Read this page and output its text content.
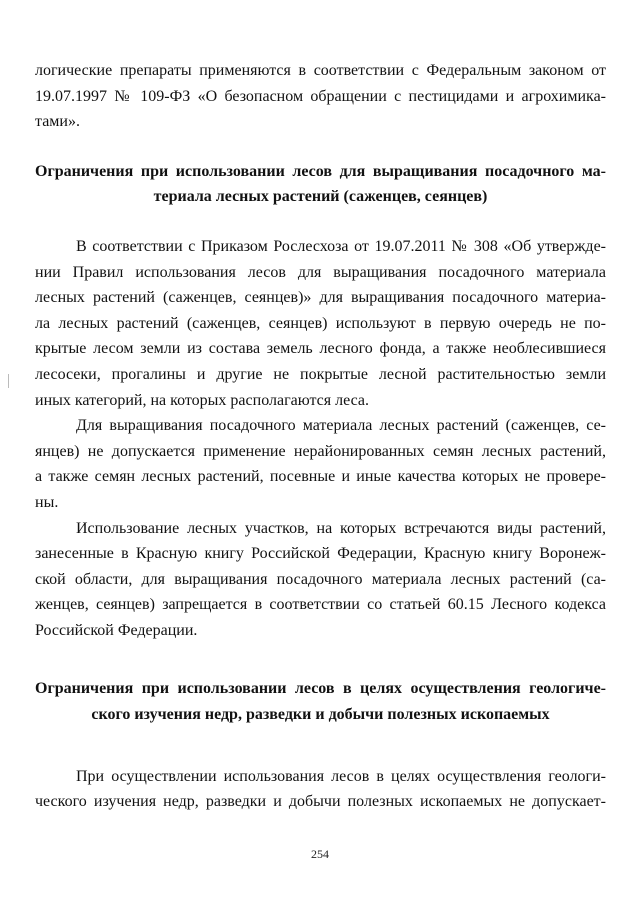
логические препараты применяются в соответствии с Федеральным законом от
19.07.1997 № 109-ФЗ «О безопасном обращении с пестицидами и агрохимика-
тами».
Ограничения при использовании лесов для выращивания посадочного ма-
териала лесных растений (саженцев, сеянцев)
В соответствии с Приказом Рослесхоза от 19.07.2011 № 308 «Об утвержде-
нии Правил использования лесов для выращивания посадочного материала
лесных растений (саженцев, сеянцев)» для выращивания посадочного материа-
ла лесных растений (саженцев, сеянцев) используют в первую очередь не по-
крытые лесом земли из состава земель лесного фонда, а также необлесившиеся
лесосеки, прогалины и другие не покрытые лесной растительностью земли
иных категорий, на которых располагаются леса.
Для выращивания посадочного материала лесных растений (саженцев, се-
янцев) не допускается применение нерайонированных семян лесных растений,
а также семян лесных растений, посевные и иные качества которых не провере-
ны.
Использование лесных участков, на которых встречаются виды растений,
занесенные в Красную книгу Российской Федерации, Красную книгу Воронеж-
ской области, для выращивания посадочного материала лесных растений (са-
женцев, сеянцев) запрещается в соответствии со статьей 60.15 Лесного кодекса
Российской Федерации.
Ограничения при использовании лесов в целях осуществления геологиче-
ского изучения недр, разведки и добычи полезных ископаемых
При осуществлении использования лесов в целях осуществления геологи-
ческого изучения недр, разведки и добычи полезных ископаемых не допускает-
254
